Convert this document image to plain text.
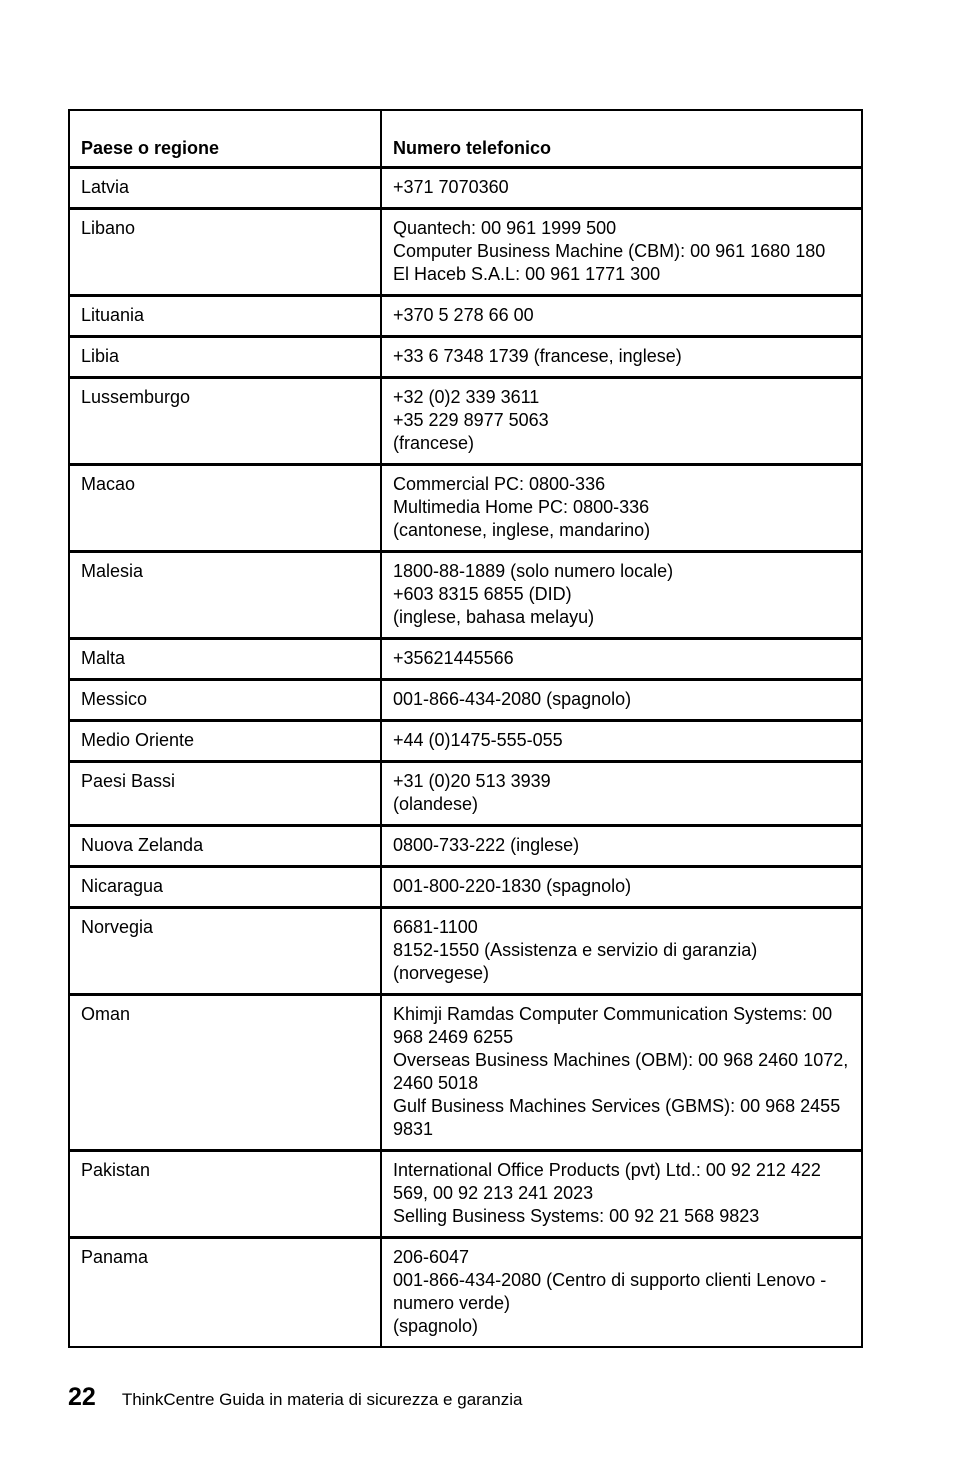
Paese o regione	Numero telefonico
Latvia	+371 7070360

Libano	Quantech: 00 961 1999 500
Computer Business Machine (CBM): 00 961 1680 180
El Haceb S.A.L: 00 961 1771 300

Lituania	+370 5 278 66 00

Libia	+33 6 7348 1739 (francese, inglese)

Lussemburgo	+32 (0)2 339 3611
+35 229 8977 5063
(francese)

Macao	Commercial PC: 0800-336
Multimedia Home PC: 0800-336
(cantonese, inglese, mandarino)

Malesia	1800-88-1889 (solo numero locale)
+603 8315 6855 (DID)
(inglese, bahasa melayu)

Malta	+35621445566

Messico	001-866-434-2080 (spagnolo)

Medio Oriente	+44 (0)1475-555-055

Paesi Bassi	+31 (0)20 513 3939
(olandese)

Nuova Zelanda	0800-733-222 (inglese)

Nicaragua	001-800-220-1830 (spagnolo)

Norvegia	6681-1100
8152-1550 (Assistenza e servizio di garanzia)
(norvegese)

Oman	Khimji Ramdas Computer Communication Systems: 00 968 2469 6255
Overseas Business Machines (OBM): 00 968 2460 1072, 2460 5018
Gulf Business Machines Services (GBMS): 00 968 2455 9831

Pakistan	International Office Products (pvt) Ltd.: 00 92 212 422 569, 00 92 213 241 2023
Selling Business Systems: 00 92 21 568 9823

Panama	206-6047
001-866-434-2080 (Centro di supporto clienti Lenovo - numero verde)
(spagnolo)
22 ThinkCentre Guida in materia di sicurezza e garanzia
